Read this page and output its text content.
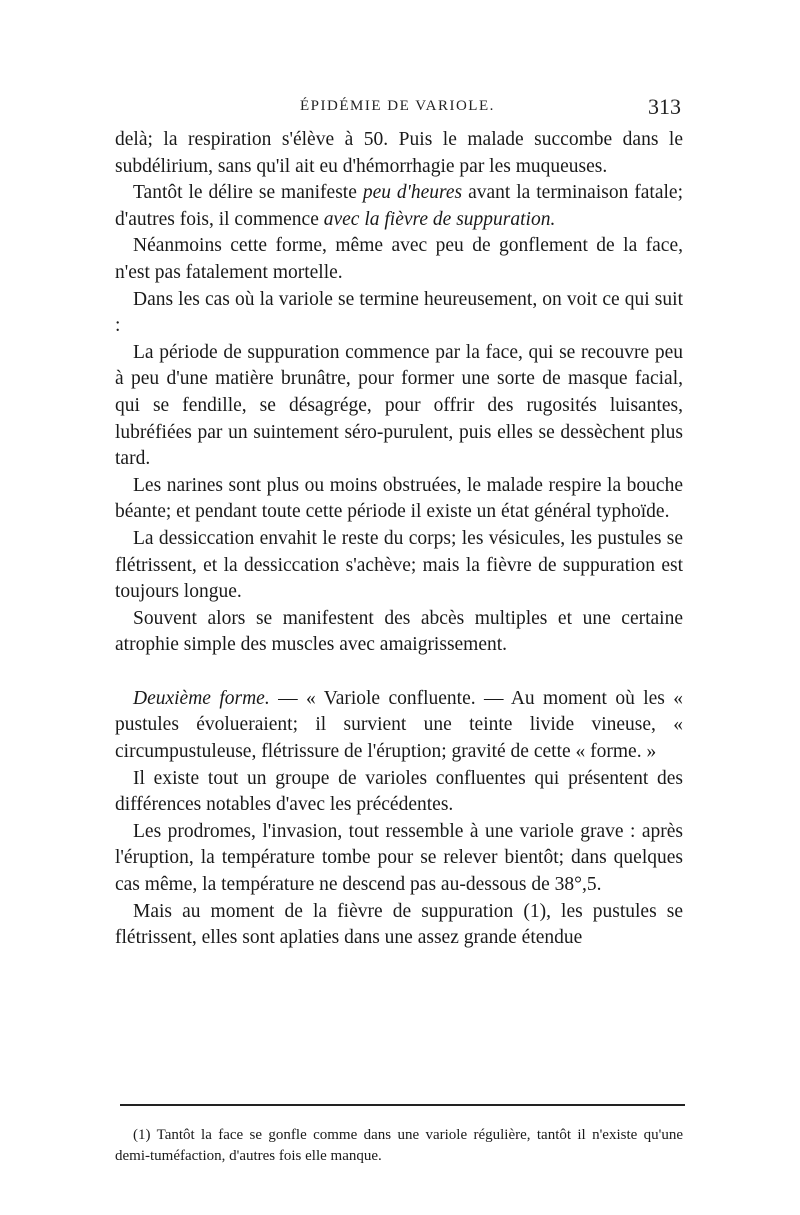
ÉPIDÉMIE DE VARIOLE.	313

delà; la respiration s'élève à 50. Puis le malade succombe dans le subdélirium, sans qu'il ait eu d'hémorrhagie par les muqueuses.

Tantôt le délire se manifeste peu d'heures avant la terminaison fatale; d'autres fois, il commence avec la fièvre de suppuration.

Néanmoins cette forme, même avec peu de gonflement de la face, n'est pas fatalement mortelle.

Dans les cas où la variole se termine heureusement, on voit ce qui suit :

La période de suppuration commence par la face, qui se recouvre peu à peu d'une matière brunâtre, pour former une sorte de masque facial, qui se fendille, se désagrége, pour offrir des rugosités luisantes, lubréfiées par un suintement séro-purulent, puis elles se dessèchent plus tard.

Les narines sont plus ou moins obstruées, le malade respire la bouche béante; et pendant toute cette période il existe un état général typhoïde.

La dessiccation envahit le reste du corps; les vésicules, les pustules se flétrissent, et la dessiccation s'achève; mais la fièvre de suppuration est toujours longue.

Souvent alors se manifestent des abcès multiples et une certaine atrophie simple des muscles avec amaigrissement.

Deuxième forme. — « Variole confluente. — Au moment où les « pustules évolueraient; il survient une teinte livide vineuse, « circumpustuleuse, flétrissure de l'éruption; gravité de cette « forme. »

Il existe tout un groupe de varioles confluentes qui présentent des différences notables d'avec les précédentes.

Les prodromes, l'invasion, tout ressemble à une variole grave : après l'éruption, la température tombe pour se relever bientôt; dans quelques cas même, la température ne descend pas au-dessous de 38°,5.

Mais au moment de la fièvre de suppuration (1), les pustules se flétrissent, elles sont aplaties dans une assez grande étendue

(1) Tantôt la face se gonfle comme dans une variole régulière, tantôt il n'existe qu'une demi-tuméfaction, d'autres fois elle manque.
